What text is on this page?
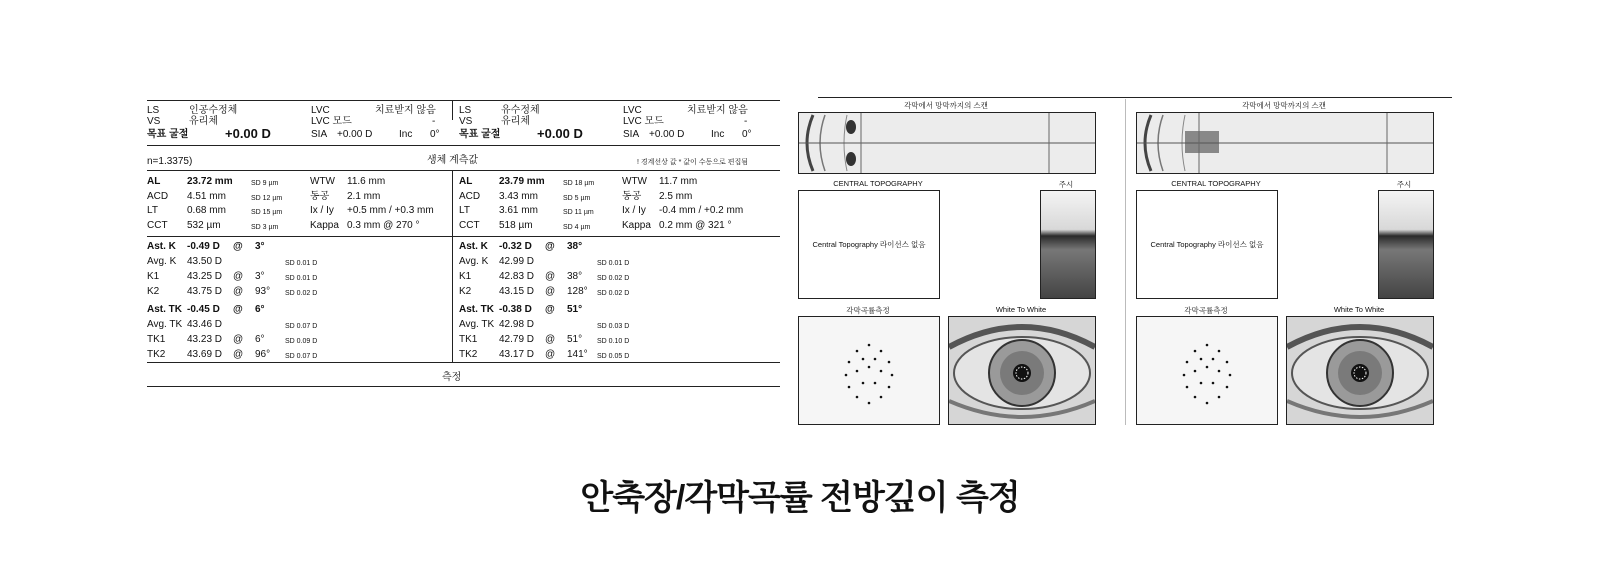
n=1.3375)	생체 계측값	! 경계선상 값 * 값이 수동으로 편집됨
측정
LS	인공수정체
VS	유리체
목표 굴절	+0.00 D
LVC	치료받지 않음
LVC 모드	-
SIA +0.00 D	Inc 0°
AL	23.72 mm	SD 9 µm	WTW 11.6 mm
ACD 4.51 mm	SD 12 µm	동공 2.1 mm
LT	0.68 mm	SD 15 µm	Ix / Iy +0.5 mm / +0.3 mm
CCT 532 µm	SD 3 µm	Kappa 0.3 mm @ 270 °
Ast. K -0.49 D @ 3°
Avg. K 43.50 D	SD 0.01 D
K1	43.25 D @ 3°	SD 0.01 D
K2	43.75 D @ 93° SD 0.02 D
Ast. TK -0.45 D @ 6°
Avg. TK 43.46 D	SD 0.07 D
TK1 43.23 D @ 6°	SD 0.09 D
TK2 43.69 D @ 96° SD 0.07 D
LS	유수정체
VS	유리체
목표 굴절	+0.00 D
LVC	치료받지 않음
LVC 모드	-
SIA +0.00 D	Inc 0°
AL	23.79 mm	SD 18 µm	WTW 11.7 mm
ACD 3.43 mm	SD 5 µm	동공 2.5 mm
LT	3.61 mm	SD 11 µm	Ix / Iy -0.4 mm / +0.2 mm
CCT 518 µm	SD 4 µm	Kappa 0.2 mm @ 321 °
Ast. K -0.32 D @ 38°
Avg. K 42.99 D	SD 0.01 D
K1	42.83 D @ 38° SD 0.02 D
K2	43.15 D @ 128° SD 0.02 D
Ast. TK -0.38 D @ 51°
Avg. TK 42.98 D	SD 0.03 D
TK1 42.79 D @ 51° SD 0.10 D
TK2 43.17 D @ 141° SD 0.05 D
각막에서 망막까지의 스캔
CENTRAL TOPOGRAPHY
Central Topography 라이선스 없음
주시
각막곡률측정	White To White
각막에서 망막까지의 스캔
CENTRAL TOPOGRAPHY
Central Topography 라이선스 없음
주시
각막곡률측정	White To White
안축장/각막곡률 전방깊이 측정
